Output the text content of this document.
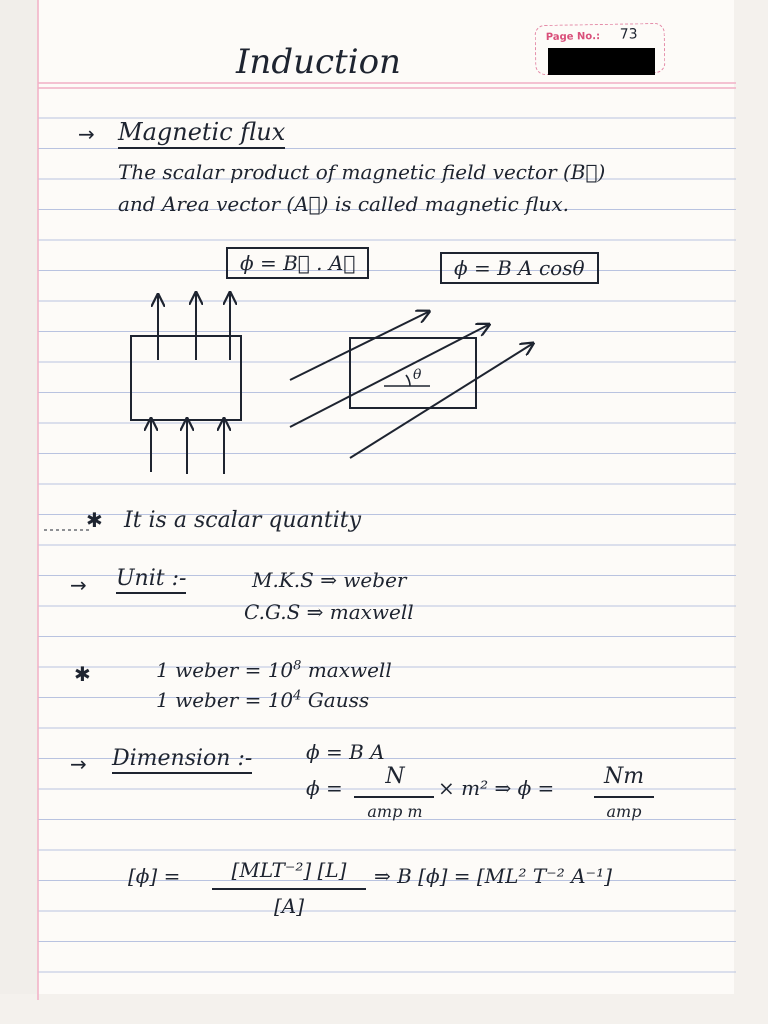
Page No.: 73
Induction
→ Magnetic flux
The scalar product of magnetic field vector (B⃗)
and Area vector (A⃗) is called magnetic flux.
ϕ = B⃗ . A⃗	ϕ = B A cosθ
θ
✱ It is a scalar quantity
→ Unit :-	M.K.S ⇒ weber
C.G.S ⇒ maxwell
✱	1 weber = $10^8$ maxwell
1 weber = $10^4$ Gauss
→ Dimension :-	ϕ = B A
ϕ =	N
amp m
× m² ⇒ ϕ =	Nm
amp
[ϕ] =	[MLT⁻²] [L]
[A]
⇒ B [ϕ] = [ML² T⁻² A⁻¹]
